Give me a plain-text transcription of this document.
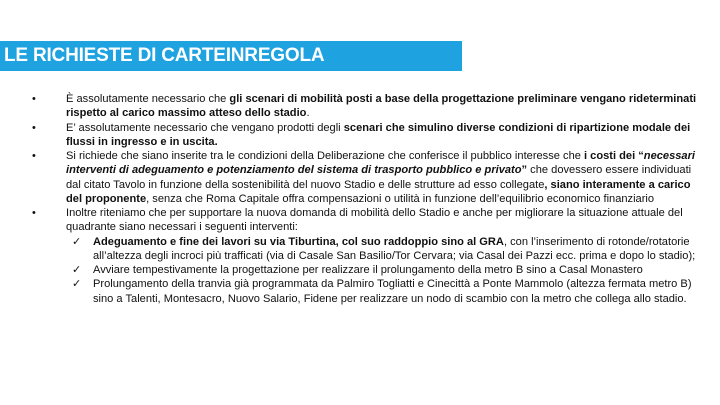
LE RICHIESTE DI CARTEINREGOLA
• È assolutamente necessario che gli scenari di mobilità posti a base della progettazione preliminare vengano rideterminati rispetto al carico massimo atteso dello stadio.
• E’ assolutamente necessario che vengano prodotti degli scenari che simulino diverse condizioni di ripartizione modale dei flussi in ingresso e in uscita.
• Si richiede che siano inserite tra le condizioni della Deliberazione che conferisce il pubblico interesse che i costi dei “necessari interventi di adeguamento e potenziamento del sistema di trasporto pubblico e privato” che dovessero essere individuati dal citato Tavolo in funzione della sostenibilità del nuovo Stadio e delle strutture ad esso collegate, siano interamente a carico del proponente, senza che Roma Capitale offra compensazioni o utilità in funzione dell’equilibrio economico finanziario
• Inoltre riteniamo che per supportare la nuova domanda di mobilità dello Stadio e anche per migliorare la situazione attuale del quadrante siano necessari i seguenti interventi:
✓ Adeguamento e fine dei lavori su via Tiburtina, col suo raddoppio sino al GRA, con l’inserimento di rotonde/rotatorie all’altezza degli incroci più trafficati (via di Casale San Basilio/Tor Cervara; via Casal dei Pazzi ecc. prima e dopo lo stadio);
✓ Avviare tempestivamente la progettazione per realizzare il prolungamento della metro B sino a Casal Monastero
✓ Prolungamento della tranvia già programmata da Palmiro Togliatti e Cinecittà a Ponte Mammolo (altezza fermata metro B) sino a Talenti, Montesacro, Nuovo Salario, Fidene per realizzare un nodo di scambio con la metro che collega allo stadio.
